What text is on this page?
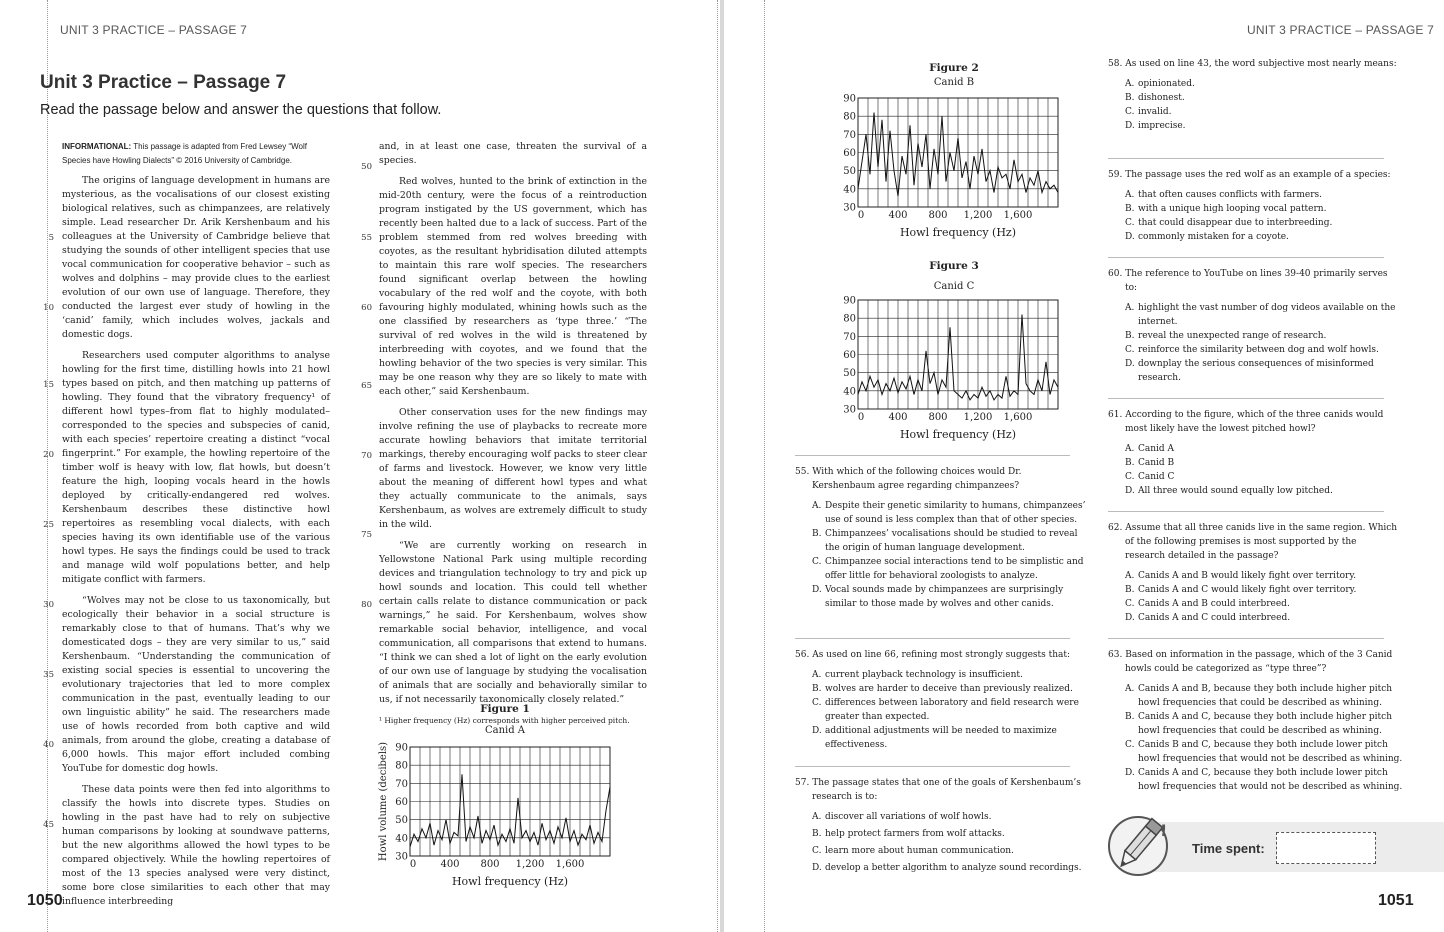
UNIT 3 PRACTICE – PASSAGE 7
Unit 3 Practice – Passage 7
Read the passage below and answer the questions that follow.
INFORMATIONAL: This passage is adapted from Fred Lewsey “Wolf Species have Howling Dialects” © 2016 University of Cambridge.

The origins of language development in humans are mysterious, as the vocalisations of our closest existing biological relatives, such as chimpanzees, are relatively simple. Lead researcher Dr. Arik Kershenbaum and his colleagues at the University of Cambridge believe that studying the sounds of other intelligent species that use vocal communication for cooperative behavior – such as wolves and dolphins – may provide clues to the earliest evolution of our own use of language. Therefore, they conducted the largest ever study of howling in the ‘canid’ family, which includes wolves, jackals and domestic dogs.

Researchers used computer algorithms to analyse howling for the first time, distilling howls into 21 howl types based on pitch, and then matching up patterns of howling. They found that the vibratory frequency¹ of different howl types–from flat to highly modulated–corresponded to the species and subspecies of canid, with each species’ repertoire creating a distinct “vocal fingerprint.” For example, the howling repertoire of the timber wolf is heavy with low, flat howls, but doesn’t feature the high, looping vocals heard in the howls deployed by critically-endangered red wolves. Kershenbaum describes these distinctive howl repertoires as resembling vocal dialects, with each species having its own identifiable use of the various howl types. He says the findings could be used to track and manage wild wolf populations better, and help mitigate conflict with farmers.

“Wolves may not be close to us taxonomically, but ecologically their behavior in a social structure is remarkably close to that of humans. That’s why we domesticated dogs – they are very similar to us,” said Kershenbaum. “Understanding the communication of existing social species is essential to uncovering the evolutionary trajectories that led to more complex communication in the past, eventually leading to our own linguistic ability” he said. The researchers made use of howls recorded from both captive and wild animals, from around the globe, creating a database of 6,000 howls. This major effort included combing YouTube for domestic dog howls.

These data points were then fed into algorithms to classify the howls into discrete types. Studies on howling in the past have had to rely on subjective human comparisons by looking at soundwave patterns, but the new algorithms allowed the howl types to be compared objectively. While the howling repertoires of most of the 13 species analysed were very distinct, some bore close similarities to each other that may influence interbreeding

5
10
15
20
25
30
35
40
45

and, in at least one case, threaten the survival of a species.

Red wolves, hunted to the brink of extinction in the mid-20th century, were the focus of a reintroduction program instigated by the US government, which has recently been halted due to a lack of success. Part of the problem stemmed from red wolves breeding with coyotes, as the resultant hybridisation diluted attempts to maintain this rare wolf species. The researchers found significant overlap between the howling vocabulary of the red wolf and the coyote, with both favouring highly modulated, whining howls such as the one classified by researchers as ‘type three.’ “The survival of red wolves in the wild is threatened by interbreeding with coyotes, and we found that the howling behavior of the two species is very similar. This may be one reason why they are so likely to mate with each other,” said Kershenbaum.

Other conservation uses for the new findings may involve refining the use of playbacks to recreate more accurate howling behaviors that imitate territorial markings, thereby encouraging wolf packs to steer clear of farms and livestock. However, we know very little about the meaning of different howl types and what they actually communicate to the animals, says Kershenbaum, as wolves are extremely difficult to study in the wild.

“We are currently working on research in Yellowstone National Park using multiple recording devices and triangulation technology to try and pick up howl sounds and location. This could tell whether certain calls relate to distance communication or pack warnings,” he said. For Kershenbaum, wolves show remarkable social behavior, intelligence, and vocal communication, all comparisons that extend to humans. “I think we can shed a lot of light on the early evolution of our own use of language by studying the vocalisation of animals that are socially and behaviorally similar to us, if not necessarily taxonomically closely related.”

¹ Higher frequency (Hz) corresponds with higher perceived pitch.

50
55
60
65
70
75
80
Figure 1
Canid A
30
40
50
60
70
80
90
0 400 800 1,200 1,600
Howl frequency (Hz)
Howl volume (decibels)
1050
UNIT 3 PRACTICE – PASSAGE 7
1051
Figure 2
Canid B
30
40
50
60
70
80
90
0 400 800 1,200 1,600
Howl frequency (Hz)
Figure 3
Canid C
30
40
50
60
70
80
90
0 400 800 1,200 1,600
Howl frequency (Hz)
55. With which of the following choices would Dr. Kershenbaum agree regarding chimpanzees?
A. Despite their genetic similarity to humans, chimpanzees’ use of sound is less complex than that of other species.
B. Chimpanzees’ vocalisations should be studied to reveal the origin of human language development.
C. Chimpanzee social interactions tend to be simplistic and offer little for behavioral zoologists to analyze.
D. Vocal sounds made by chimpanzees are surprisingly similar to those made by wolves and other canids.
56. As used on line 66, refining most strongly suggests that:
A. current playback technology is insufficient.
B. wolves are harder to deceive than previously realized.
C. differences between laboratory and field research were greater than expected.
D. additional adjustments will be needed to maximize effectiveness.
57. The passage states that one of the goals of Kershenbaum’s research is to:
A. discover all variations of wolf howls.
B. help protect farmers from wolf attacks.
C. learn more about human communication.
D. develop a better algorithm to analyze sound recordings.
58. As used on line 43, the word subjective most nearly means:
A. opinionated.
B. dishonest.
C. invalid.
D. imprecise.
59. The passage uses the red wolf as an example of a species:
A. that often causes conflicts with farmers.
B. with a unique high looping vocal pattern.
C. that could disappear due to interbreeding.
D. commonly mistaken for a coyote.
60. The reference to YouTube on lines 39-40 primarily serves to:
A. highlight the vast number of dog videos available on the internet.
B. reveal the unexpected range of research.
C. reinforce the similarity between dog and wolf howls.
D. downplay the serious consequences of misinformed research.
61. According to the figure, which of the three canids would most likely have the lowest pitched howl?
A. Canid A
B. Canid B
C. Canid C
D. All three would sound equally low pitched.
62. Assume that all three canids live in the same region. Which of the following premises is most supported by the research detailed in the passage?
A. Canids A and B would likely fight over territory.
B. Canids A and C would likely fight over territory.
C. Canids A and B could interbreed.
D. Canids A and C could interbreed.
63. Based on information in the passage, which of the 3 Canid howls could be categorized as “type three”?
A. Canids A and B, because they both include higher pitch howl frequencies that could be described as whining.
B. Canids A and C, because they both include higher pitch howl frequencies that could be described as whining.
C. Canids B and C, because they both include lower pitch howl frequencies that would not be described as whining.
D. Canids A and C, because they both include lower pitch howl frequencies that would not be described as whining.
!
Time spent:
